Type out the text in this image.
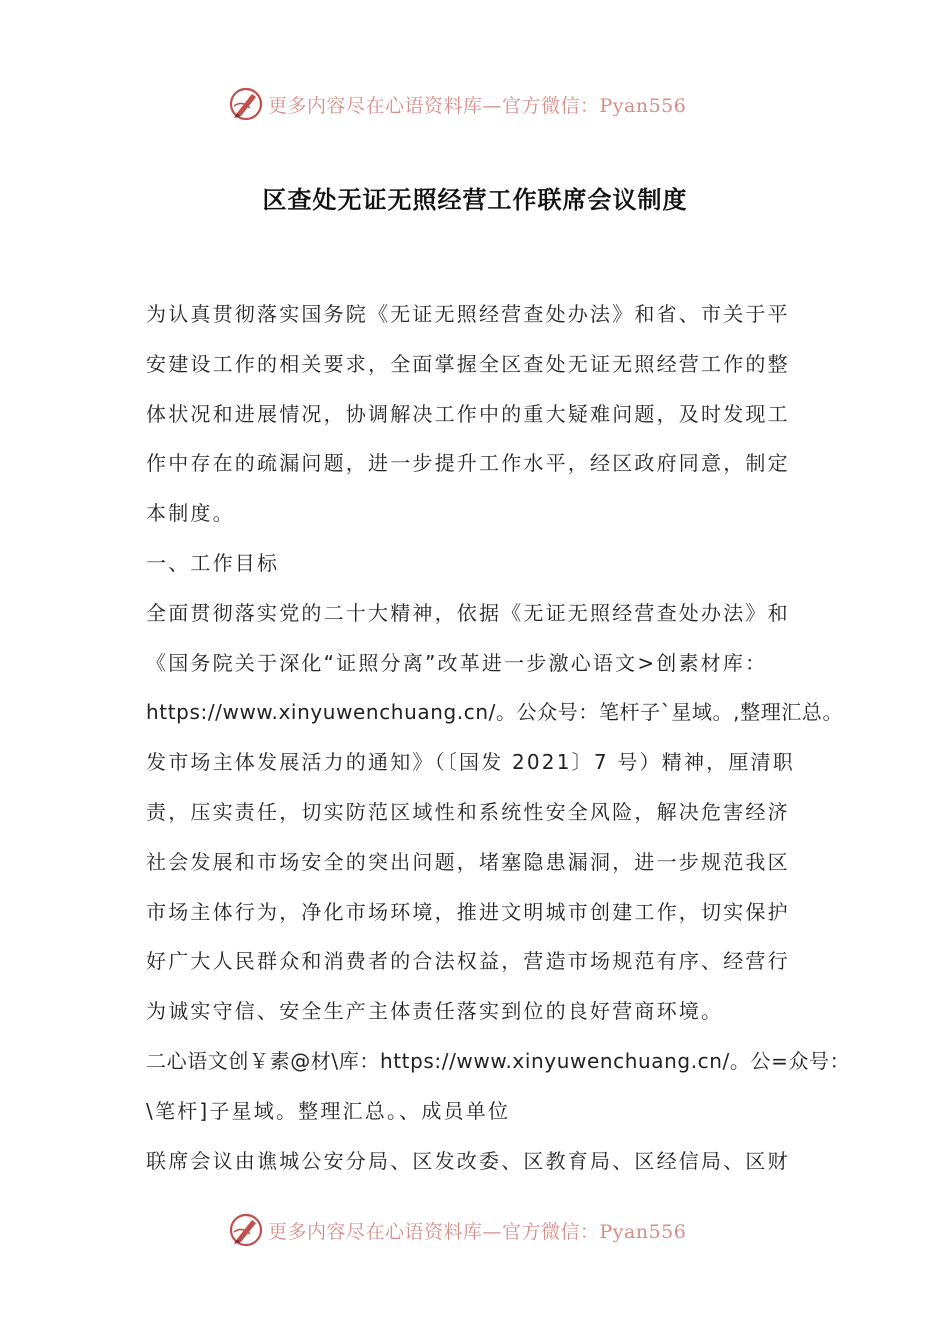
更多内容尽在心语资料库—官方微信：Pyan556
区查处无证无照经营工作联席会议制度
为认真贯彻落实国务院《无证无照经营查处办法》和省、市关于平
安建设工作的相关要求，全面掌握全区查处无证无照经营工作的整
体状况和进展情况，协调解决工作中的重大疑难问题，及时发现工
作中存在的疏漏问题，进一步提升工作水平，经区政府同意，制定
本制度。
一、工作目标
全面贯彻落实党的二十大精神，依据《无证无照经营查处办法》和
《国务院关于深化“证照分离”改革进一步激心语文>创素材库：
https://www.xinyuwenchuang.cn/。公众号：笔杆子`星域。,整理汇总。
发市场主体发展活力的通知》（〔国发 2021〕7 号）精神，厘清职
责，压实责任，切实防范区域性和系统性安全风险，解决危害经济
社会发展和市场安全的突出问题，堵塞隐患漏洞，进一步规范我区
市场主体行为，净化市场环境，推进文明城市创建工作，切实保护
好广大人民群众和消费者的合法权益，营造市场规范有序、经营行
为诚实守信、安全生产主体责任落实到位的良好营商环境。
二心语文创￥素@材\库：https://www.xinyuwenchuang.cn/。公=众号：
\笔杆]子星域。整理汇总。、成员单位
联席会议由谯城公安分局、区发改委、区教育局、区经信局、区财
更多内容尽在心语资料库—官方微信：Pyan556
